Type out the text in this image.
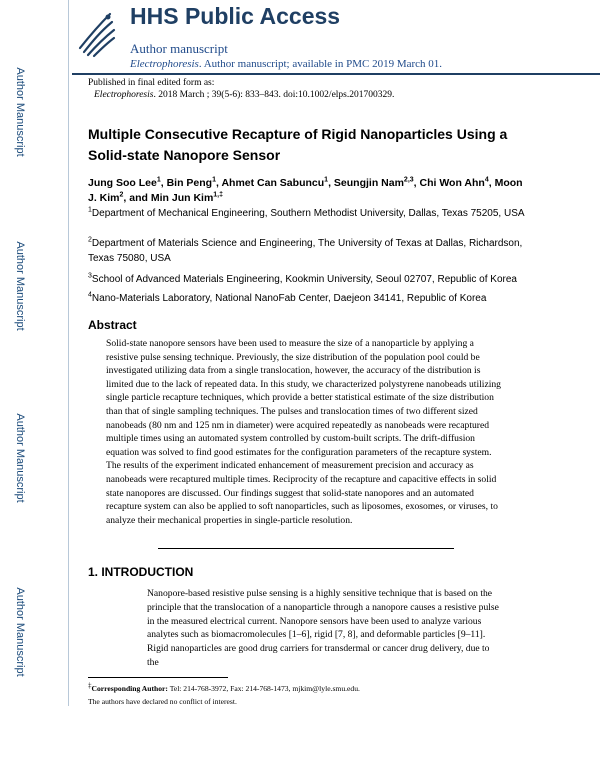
Author Manuscript
Author Manuscript
Author Manuscript
Author Manuscript
HHS Public Access
Author manuscript
Electrophoresis. Author manuscript; available in PMC 2019 March 01.
Published in final edited form as:
Electrophoresis. 2018 March ; 39(5-6): 833–843. doi:10.1002/elps.201700329.
Multiple Consecutive Recapture of Rigid Nanoparticles Using a Solid-state Nanopore Sensor
Jung Soo Lee$^1$, Bin Peng$^1$, Ahmet Can Sabuncu$^1$, Seungjin Nam$^{2,3}$, Chi Won Ahn$^4$, Moon J. Kim$^2$, and Min Jun Kim$^{1,\ddagger}$
$^1$Department of Mechanical Engineering, Southern Methodist University, Dallas, Texas 75205, USA
$^2$Department of Materials Science and Engineering, The University of Texas at Dallas, Richardson, Texas 75080, USA
$^3$School of Advanced Materials Engineering, Kookmin University, Seoul 02707, Republic of Korea
$^4$Nano-Materials Laboratory, National NanoFab Center, Daejeon 34141, Republic of Korea
Abstract
Solid-state nanopore sensors have been used to measure the size of a nanoparticle by applying a resistive pulse sensing technique. Previously, the size distribution of the population pool could be investigated utilizing data from a single translocation, however, the accuracy of the distribution is limited due to the lack of repeated data. In this study, we characterized polystyrene nanobeads utilizing single particle recapture techniques, which provide a better statistical estimate of the size distribution than that of single sampling techniques. The pulses and translocation times of two different sized nanobeads (80 nm and 125 nm in diameter) were acquired repeatedly as nanobeads were recaptured multiple times using an automated system controlled by custom-built scripts. The drift-diffusion equation was solved to find good estimates for the configuration parameters of the recapture system. The results of the experiment indicated enhancement of measurement precision and accuracy as nanobeads were recaptured multiple times. Reciprocity of the recapture and capacitive effects in solid state nanopores are discussed. Our findings suggest that solid-state nanopores and an automated recapture system can also be applied to soft nanoparticles, such as liposomes, exosomes, or viruses, to analyze their mechanical properties in single-particle resolution.
1. INTRODUCTION
Nanopore-based resistive pulse sensing is a highly sensitive technique that is based on the principle that the translocation of a nanoparticle through a nanopore causes a resistive pulse in the measured electrical current. Nanopore sensors have been used to analyze various analytes such as biomacromolecules [1–6], rigid [7, 8], and deformable particles [9–11]. Rigid nanoparticles are good drug carriers for transdermal or cancer drug delivery, due to the
‡Corresponding Author: Tel: 214-768-3972, Fax: 214-768-1473, mjkim@lyle.smu.edu.
The authors have declared no conflict of interest.
